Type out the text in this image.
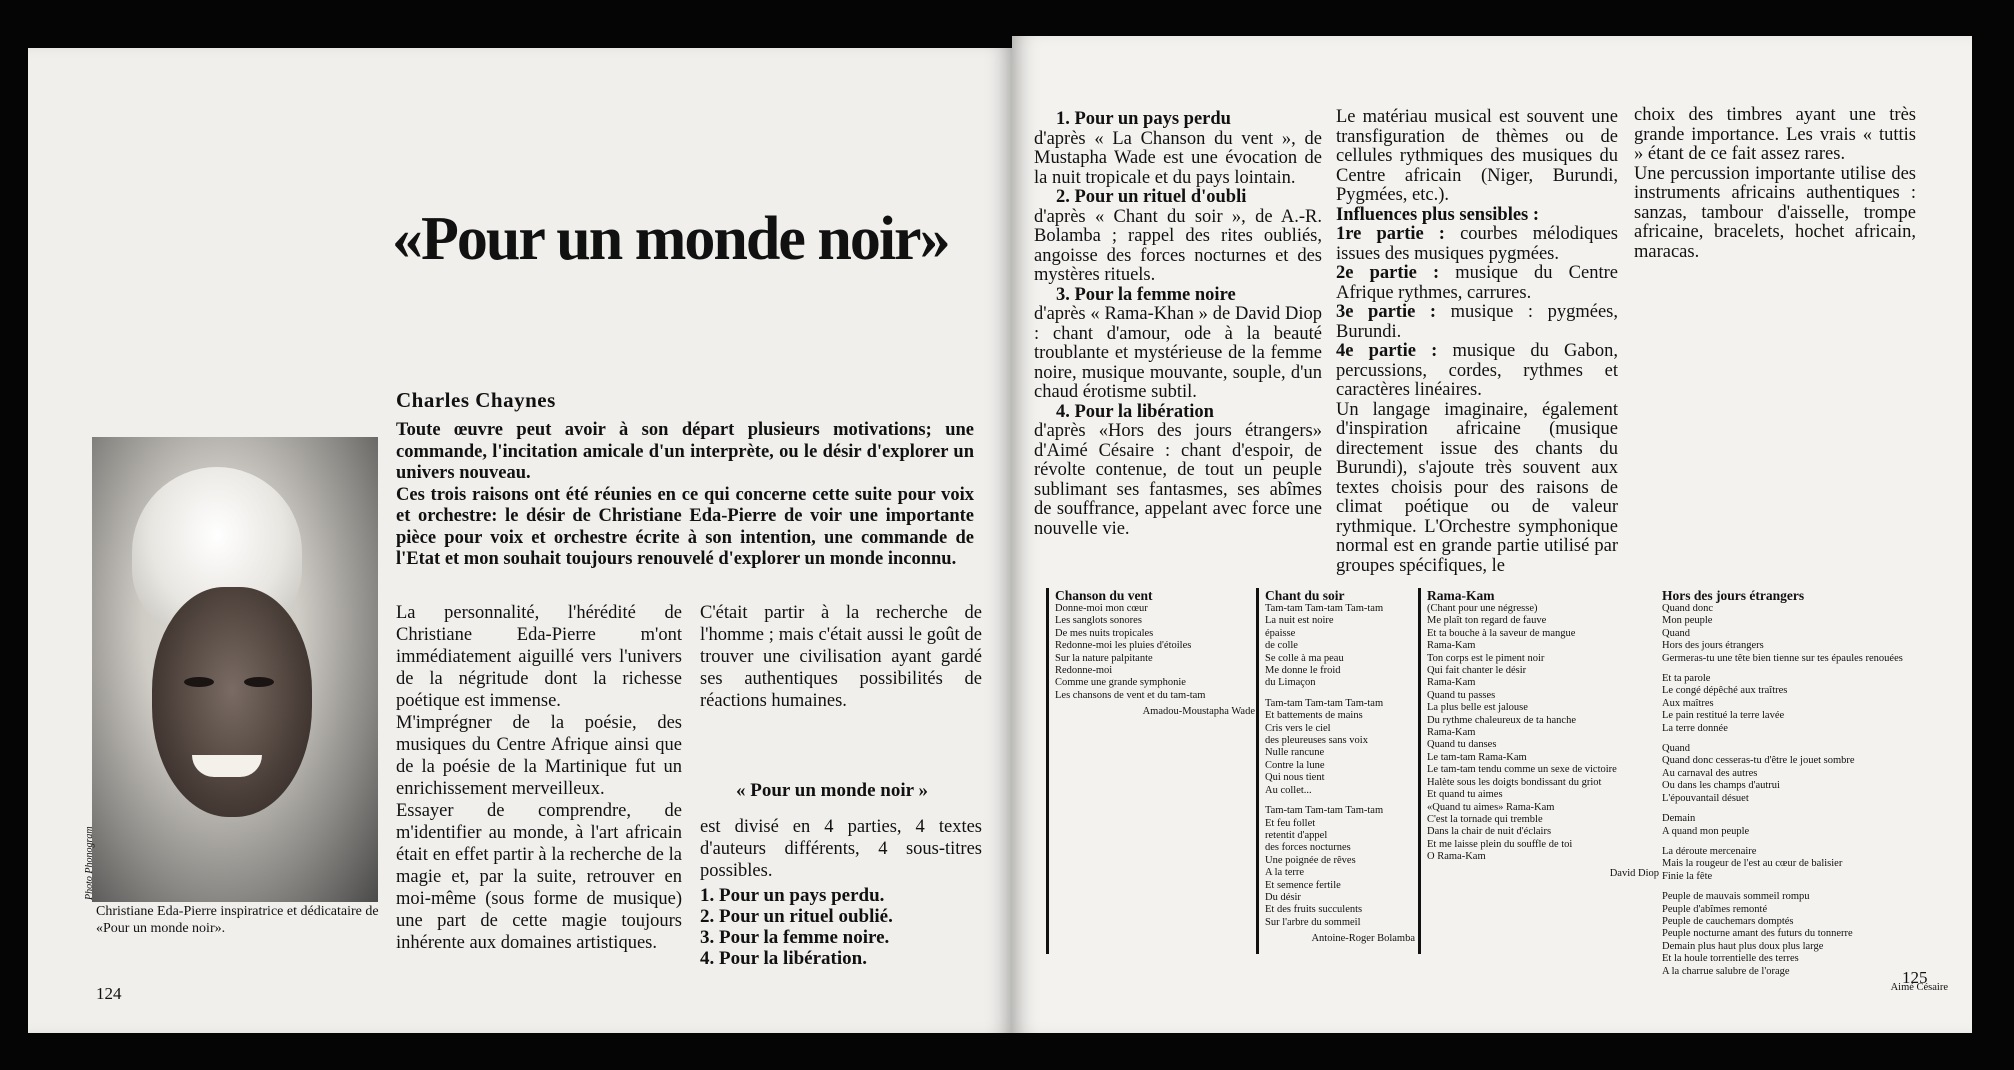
«Pour un monde noir»
Charles Chaynes

Toute œuvre peut avoir à son départ plusieurs motivations; une commande, l'incitation amicale d'un interprète, ou le désir d'explorer un univers nouveau.

Ces trois raisons ont été réunies en ce qui concerne cette suite pour voix et orchestre: le désir de Christiane Eda-Pierre de voir une importante pièce pour voix et orchestre écrite à son intention, une commande de l'Etat et mon souhait toujours renouvelé d'explorer un monde inconnu.

Photo Phonogram

Christiane Eda-Pierre inspiratrice et dédicataire de «Pour un monde noir».

La personnalité, l'hérédité de Christiane Eda-Pierre m'ont immédiatement aiguillé vers l'univers de la négritude dont la richesse poétique est immense.

M'imprégner de la poésie, des musiques du Centre Afrique ainsi que de la poésie de la Martinique fut un enrichissement merveilleux.

Essayer de comprendre, de m'identifier au monde, à l'art africain était en effet partir à la recherche de la magie et, par la suite, retrouver en moi-même (sous forme de musique) une part de cette magie toujours inhérente aux domaines artistiques.

C'était partir à la recherche de l'homme ; mais c'était aussi le goût de trouver une civilisation ayant gardé ses authentiques possibilités de réactions humaines.

« Pour un monde noir »

est divisé en 4 parties, 4 textes d'auteurs différents, 4 sous-titres possibles.

1. Pour un pays perdu.
2. Pour un rituel oublié.
3. Pour la femme noire.
4. Pour la libération.
124

1. Pour un pays perdu
d'après « La Chanson du vent », de Mustapha Wade est une évocation de la nuit tropicale et du pays lointain.

2. Pour un rituel d'oubli
d'après « Chant du soir », de A.-R. Bolamba ; rappel des rites oubliés, angoisse des forces nocturnes et des mystères rituels.

3. Pour la femme noire
d'après « Rama-Khan » de David Diop : chant d'amour, ode à la beauté troublante et mystérieuse de la femme noire, musique mouvante, souple, d'un chaud érotisme subtil.

4. Pour la libération
d'après «Hors des jours étrangers» d'Aimé Césaire : chant d'espoir, de révolte contenue, de tout un peuple sublimant ses fantasmes, ses abîmes de souffrance, appelant avec force une nouvelle vie.

Le matériau musical est souvent une transfiguration de thèmes ou de cellules rythmiques des musiques du Centre africain (Niger, Burundi, Pygmées, etc.).

Influences plus sensibles :

1re partie : courbes mélodiques issues des musiques pygmées.

2e partie : musique du Centre Afrique rythmes, carrures.

3e partie : musique : pygmées, Burundi.

4e partie : musique du Gabon, percussions, cordes, rythmes et caractères linéaires.

Un langage imaginaire, également d'inspiration africaine (musique directement issue des chants du Burundi), s'ajoute très souvent aux textes choisis pour des raisons de climat poétique ou de valeur rythmique. L'Orchestre symphonique normal est en grande partie utilisé par groupes spécifiques, le

choix des timbres ayant une très grande importance. Les vrais « tuttis » étant de ce fait assez rares.

Une percussion importante utilise des instruments africains authentiques : sanzas, tambour d'aisselle, trompe africaine, bracelets, hochet africain, maracas.

Chanson du vent
Donne-moi mon cœur
Les sanglots sonores
De mes nuits tropicales
Redonne-moi les pluies d'étoiles
Sur la nature palpitante
Redonne-moi
Comme une grande symphonie
Les chansons de vent et du tam-tam
Amadou-Moustapha Wade
Chant du soir
Tam-tam Tam-tam Tam-tam
La nuit est noire
épaisse
de colle
Se colle à ma peau
Me donne le froid
du Limaçon
Tam-tam Tam-tam Tam-tam
Et battements de mains
Cris vers le ciel
des pleureuses sans voix
Nulle rancune
Contre la lune
Qui nous tient
Au collet...
Tam-tam Tam-tam Tam-tam
Et feu follet
retentit d'appel
des forces nocturnes
Une poignée de rêves
A la terre
Et semence fertile
Du désir
Et des fruits succulents
Sur l'arbre du sommeil
Antoine-Roger Bolamba
Rama-Kam
(Chant pour une négresse)
Me plaît ton regard de fauve
Et ta bouche à la saveur de mangue
Rama-Kam
Ton corps est le piment noir
Qui fait chanter le désir
Rama-Kam
Quand tu passes
La plus belle est jalouse
Du rythme chaleureux de ta hanche
Rama-Kam
Quand tu danses
Le tam-tam Rama-Kam
Le tam-tam tendu comme un sexe de victoire
Halète sous les doigts bondissant du griot
Et quand tu aimes
«Quand tu aimes» Rama-Kam
C'est la tornade qui tremble
Dans la chair de nuit d'éclairs
Et me laisse plein du souffle de toi
O Rama-Kam
David Diop
Hors des jours étrangers
Quand donc
Mon peuple
Quand
Hors des jours étrangers
Germeras-tu une tête bien tienne sur tes épaules renouées
Et ta parole
Le congé dépêché aux traîtres
Aux maîtres
Le pain restitué la terre lavée
La terre donnée
Quand
Quand donc cesseras-tu d'être le jouet sombre
Au carnaval des autres
Ou dans les champs d'autrui
L'épouvantail désuet
Demain
A quand mon peuple
La déroute mercenaire
Mais la rougeur de l'est au cœur de balisier
Finie la fête
Peuple de mauvais sommeil rompu
Peuple d'abîmes remonté
Peuple de cauchemars domptés
Peuple nocturne amant des futurs du tonnerre
Demain plus haut plus doux plus large
Et la houle torrentielle des terres
A la charrue salubre de l'orage
Aimé Césaire
125
